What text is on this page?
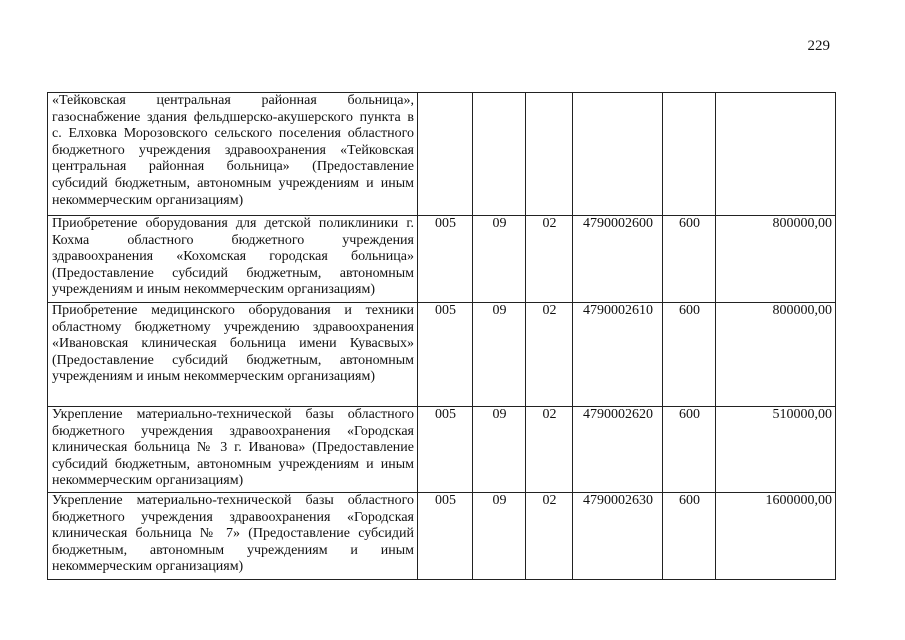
229
«Тейковская центральная районная больница», газоснабжение здания фельдшерско-акушерского пункта в с. Елховка Морозовского сельского поселения областного бюджетного учреждения здравоохранения «Тейковская центральная районная больница» (Предоставление субсидий бюджетным, автономным учреждениям и иным некоммерческим организациям)						
Приобретение оборудования для детской поликлиники г. Кохма областного бюджетного учреждения здравоохранения «Кохомская городская больница» (Предоставление субсидий бюджетным, автономным учреждениям и иным некоммерческим организациям)	005	09	02	4790002600	600	800000,00
Приобретение медицинского оборудования и техники областному бюджетному учреждению здравоохранения «Ивановская клиническая больница имени Кувасвых» (Предоставление субсидий бюджетным, автономным учреждениям и иным некоммерческим организациям)	005	09	02	4790002610	600	800000,00
Укрепление материально-технической базы областного бюджетного учреждения здравоохранения «Городская клиническая больница № 3 г. Иванова» (Предоставление субсидий бюджетным, автономным учреждениям и иным некоммерческим организациям)	005	09	02	4790002620	600	510000,00
Укрепление материально-технической базы областного бюджетного учреждения здравоохранения «Городская клиническая больница № 7» (Предоставление субсидий бюджетным, автономным учреждениям и иным некоммерческим организациям)	005	09	02	4790002630	600	1600000,00
